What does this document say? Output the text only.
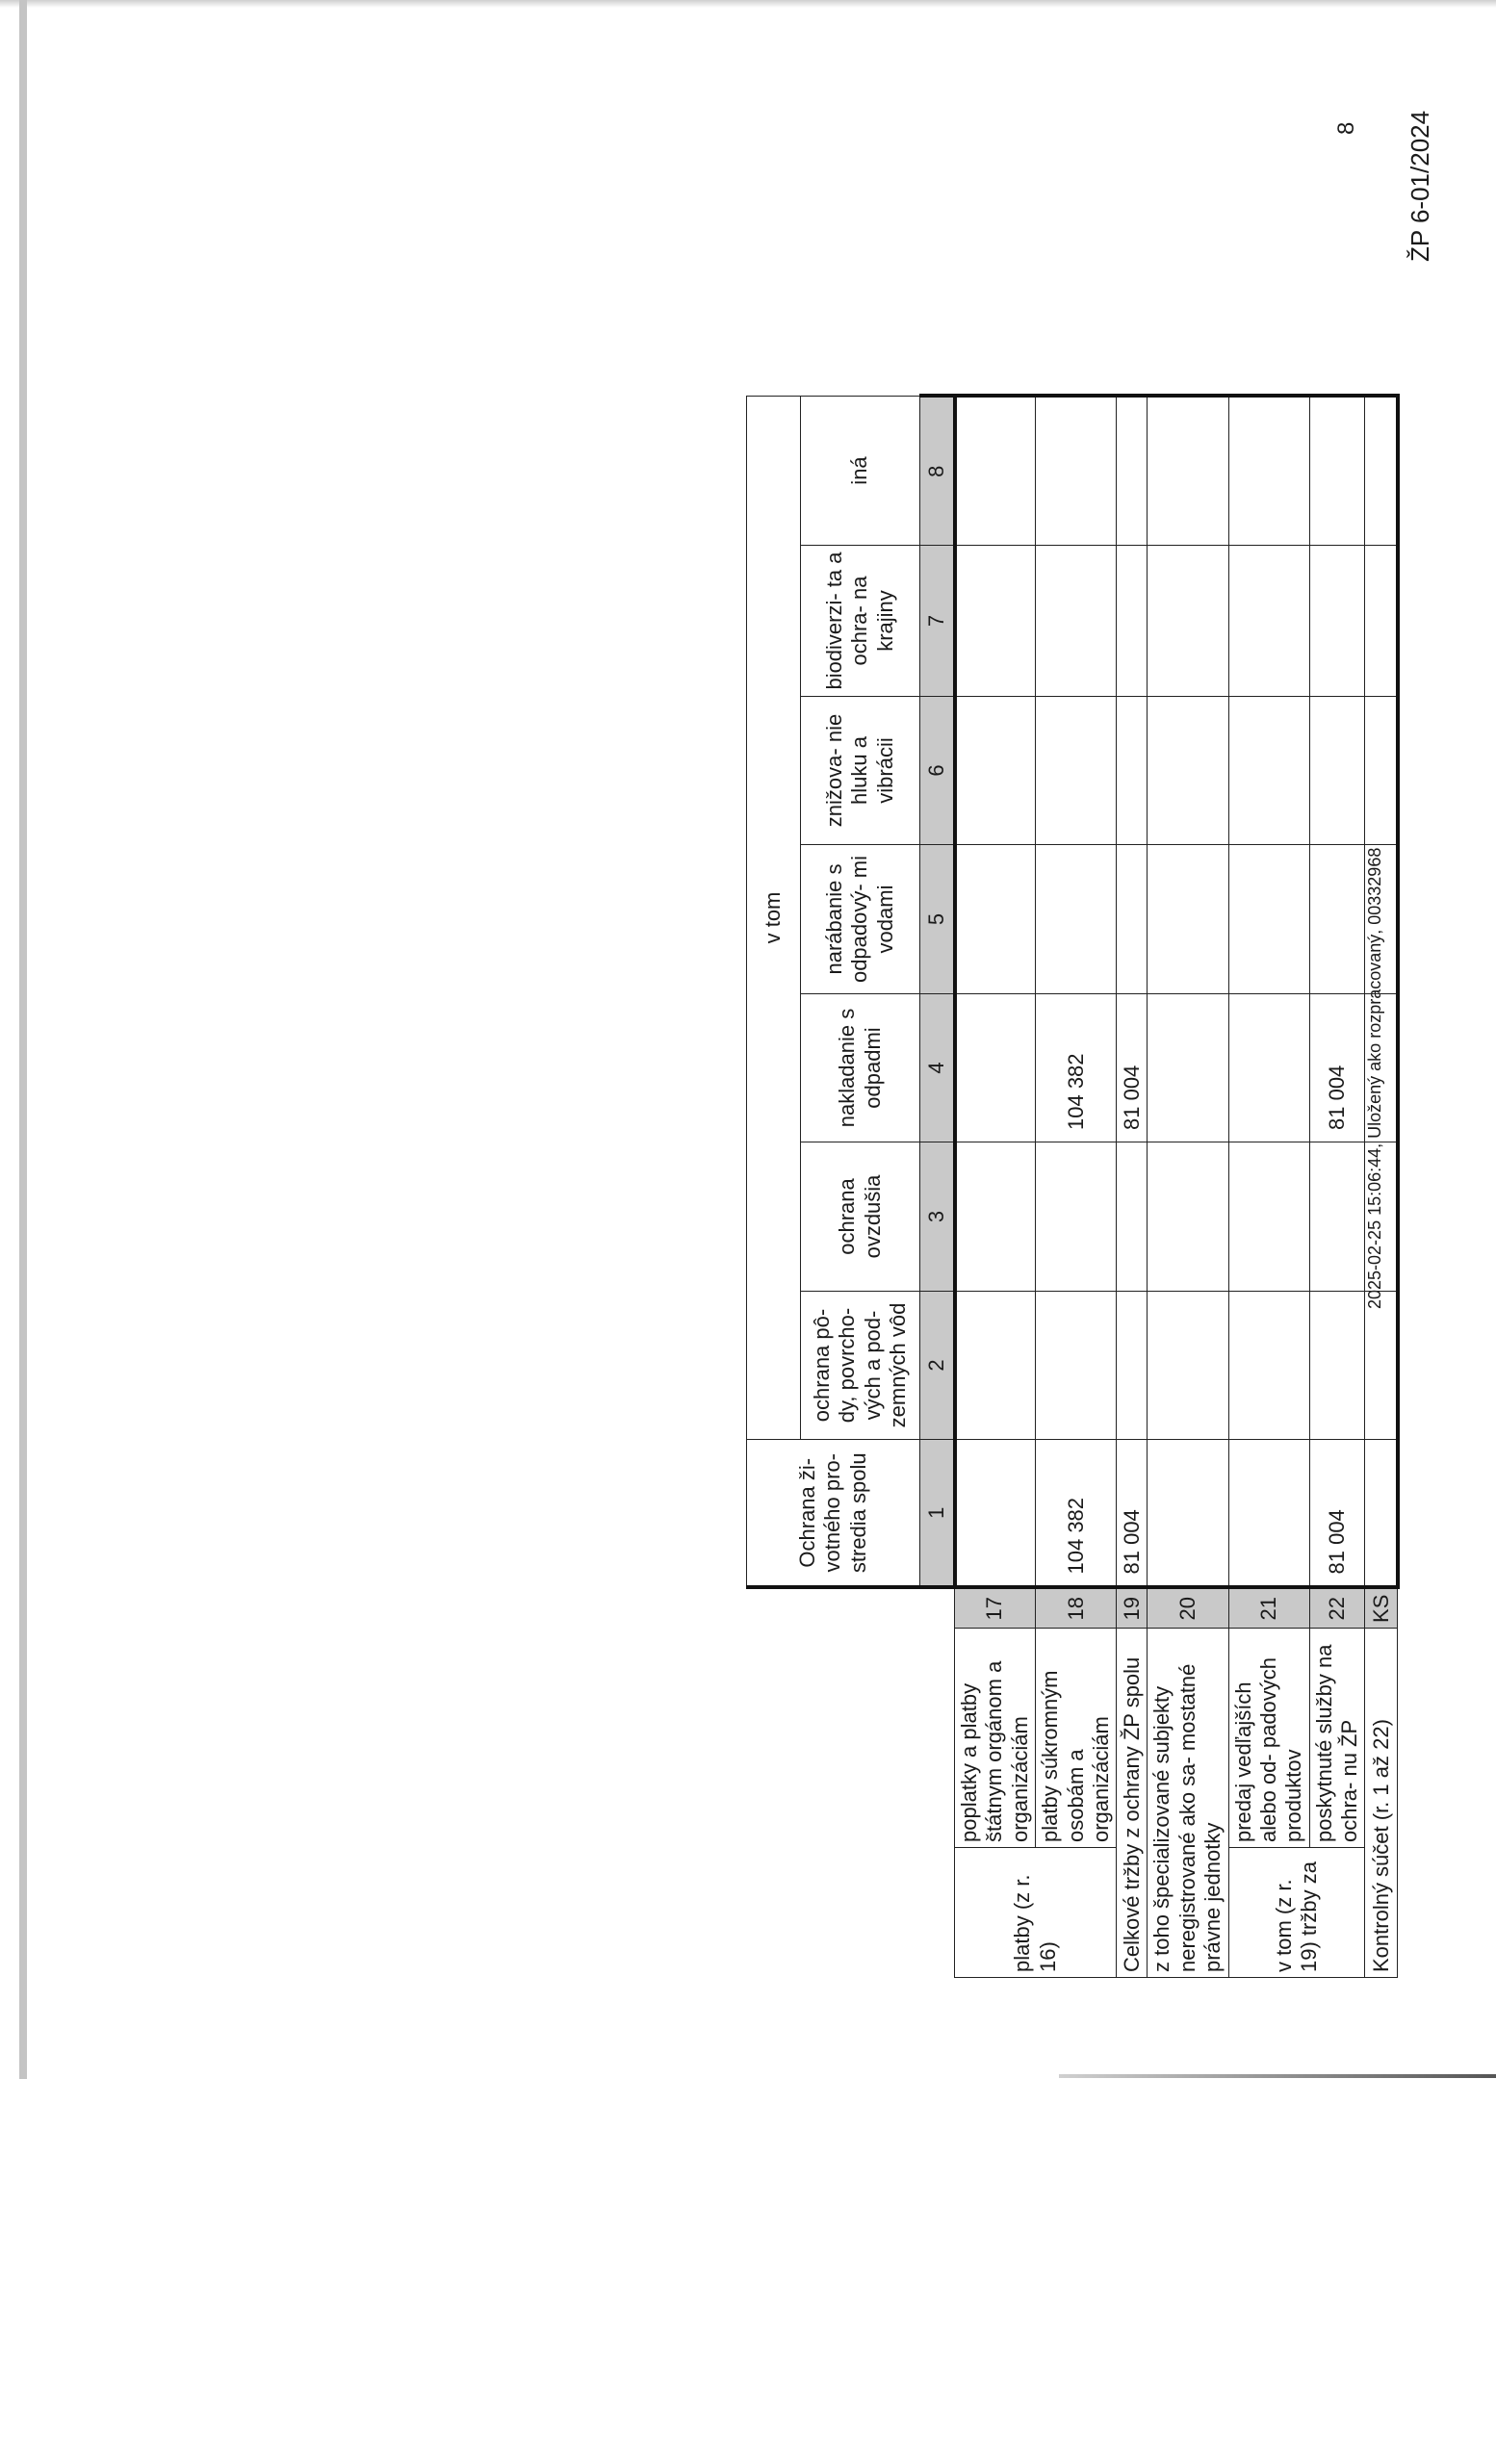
ŽP 6-01/2024
8
2025-02-25 15:06:44, Uložený ako rozpracovaný, 00332968
			Ochrana ži- votného pro- stredia spolu	v tom						
				ochrana pô- dy, povrcho- vých a pod- zemných vôd	ochrana ovzdušia	nakladanie s odpadmi	narábanie s odpadový- mi vodami	znižova- nie hluku a vibrácii	biodiverzi- ta a ochra- na krajiny	iná
			1	2	3	4	5	6	7	8
platby (z r. 16)	poplatky a platby štátnym orgánom a organizáciám	17								
	platby súkromným osobám a organizáciám	18	104 382			104 382				
Celkové tržby z ochrany ŽP spolu		19	81 004			81 004				
z toho špecializované subjekty neregistrované ako sa- mostatné právne jednotky		20								
v tom (z r. 19) tržby za	predaj vedľajších alebo od- padových produktov	21								
	poskytnuté služby na ochra- nu ŽP	22	81 004			81 004				
Kontrolný súčet (r. 1 až 22)		KS								
